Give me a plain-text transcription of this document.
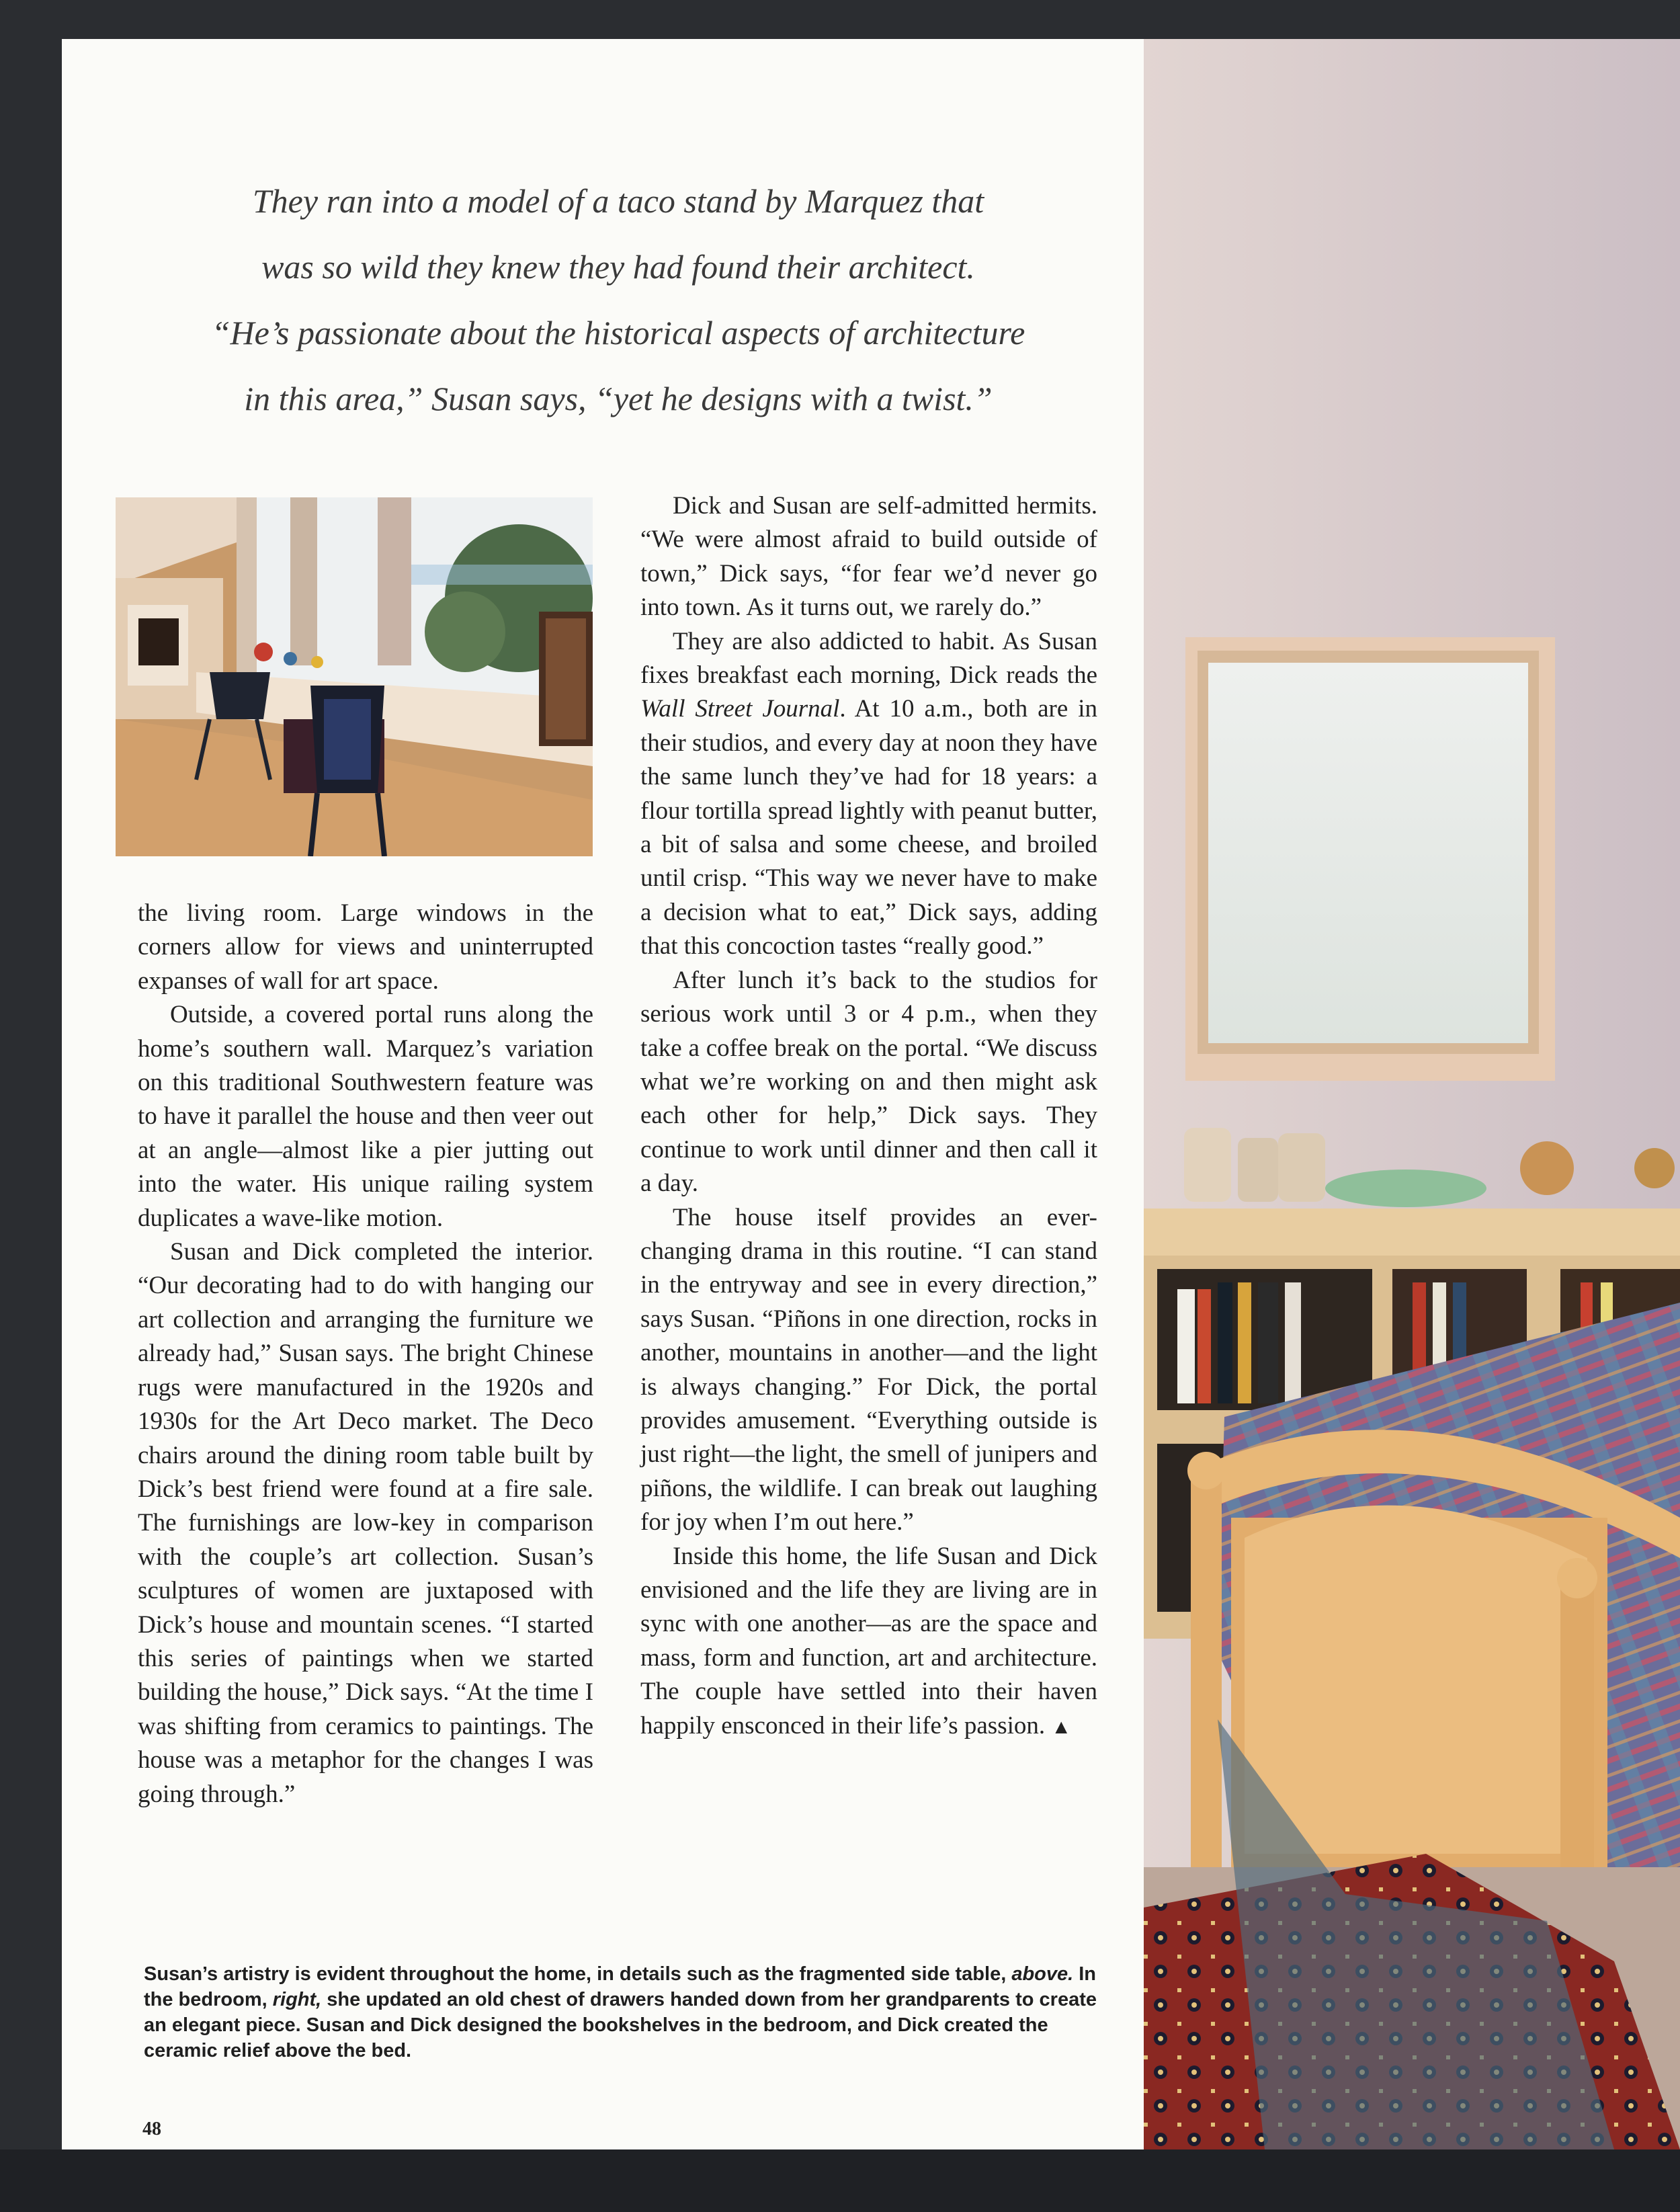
They ran into a model of a taco stand by Marquez that
was so wild they knew they had found their architect.
“He’s passionate about the historical aspects of architecture
in this area,” Susan says, “yet he designs with a twist.”

the living room. Large windows in the corners allow for views and uninterrupted expanses of wall for art space.

Outside, a covered portal runs along the home’s southern wall. Marquez’s variation on this traditional Southwestern feature was to have it parallel the house and then veer out at an angle—almost like a pier jutting out into the water. His unique railing system duplicates a wave-like motion.

Susan and Dick completed the interior. “Our decorating had to do with hanging our art collection and arranging the furniture we already had,” Susan says. The bright Chinese rugs were manufactured in the 1920s and 1930s for the Art Deco market. The Deco chairs around the dining room table built by Dick’s best friend were found at a fire sale. The furnishings are low-key in comparison with the couple’s art collection. Susan’s sculptures of women are juxtaposed with Dick’s house and mountain scenes. “I started this series of paintings when we started building the house,” Dick says. “At the time I was shifting from ceramics to paintings. The house was a metaphor for the changes I was going through.”

Dick and Susan are self-admitted hermits. “We were almost afraid to build outside of town,” Dick says, “for fear we’d never go into town. As it turns out, we rarely do.”

They are also addicted to habit. As Susan fixes breakfast each morning, Dick reads the Wall Street Journal. At 10 a.m., both are in their studios, and every day at noon they have the same lunch they’ve had for 18 years: a flour tortilla spread lightly with peanut butter, a bit of salsa and some cheese, and broiled until crisp. “This way we never have to make a decision what to eat,” Dick says, adding that this concoction tastes “really good.”

After lunch it’s back to the studios for serious work until 3 or 4 p.m., when they take a coffee break on the portal. “We discuss what we’re working on and then might ask each other for help,” Dick says. They continue to work until dinner and then call it a day.

The house itself provides an ever-changing drama in this routine. “I can stand in the entryway and see in every direction,” says Susan. “Piñons in one direction, rocks in another, mountains in another—and the light is always changing.” For Dick, the portal provides amusement. “Everything outside is just right—the light, the smell of junipers and piñons, the wildlife. I can break out laughing for joy when I’m out here.”

Inside this home, the life Susan and Dick envisioned and the life they are living are in sync with one another—as are the space and mass, form and function, art and architecture. The couple have settled into their haven happily ensconced in their life’s passion. ▲

Susan’s artistry is evident throughout the home, in details such as the fragmented side table, above. In the bedroom, right, she updated an old chest of drawers handed down from her grandparents to create an elegant piece. Susan and Dick designed the bookshelves in the bedroom, and Dick created the ceramic relief above the bed.
48
